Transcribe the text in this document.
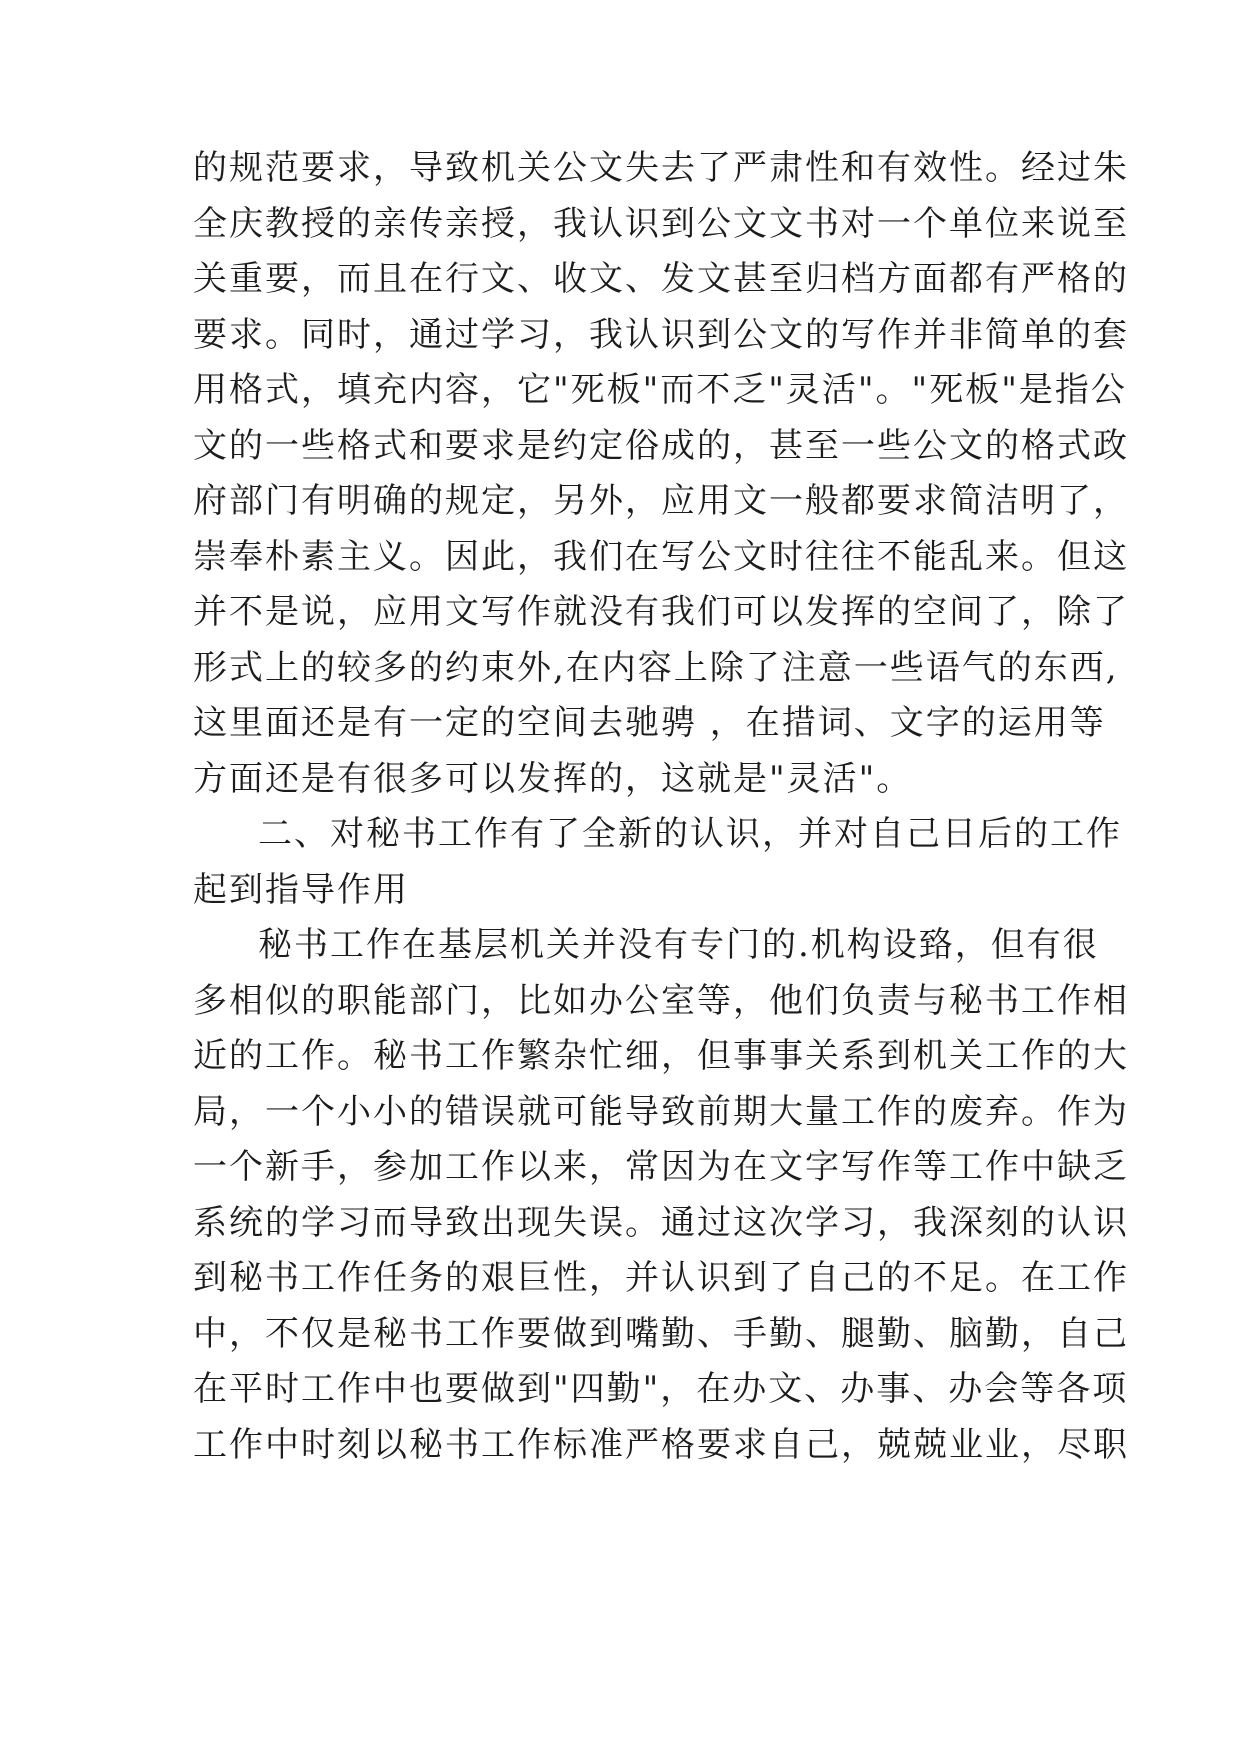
的规范要求，导致机关公文失去了严肃性和有效性。经过朱

全庆教授的亲传亲授，我认识到公文文书对一个单位来说至

关重要，而且在行文、收文、发文甚至归档方面都有严格的

要求。同时，通过学习，我认识到公文的写作并非简单的套

用格式，填充内容，它"死板"而不乏"灵活"。"死板"是指公

文的一些格式和要求是约定俗成的，甚至一些公文的格式政

府部门有明确的规定，另外，应用文一般都要求简洁明了，

崇奉朴素主义。因此，我们在写公文时往往不能乱来。但这

并不是说，应用文写作就没有我们可以发挥的空间了，除了

形式上的较多的约束外,在内容上除了注意一些语气的东西,

这里面还是有一定的空间去驰骋 ，在措词、文字的运用等

方面还是有很多可以发挥的，这就是"灵活"。

二、对秘书工作有了全新的认识，并对自己日后的工作

起到指导作用

秘书工作在基层机关并没有专门的.机构设臵，但有很

多相似的职能部门，比如办公室等，他们负责与秘书工作相

近的工作。秘书工作繁杂忙细，但事事关系到机关工作的大

局，一个小小的错误就可能导致前期大量工作的废弃。作为

一个新手，参加工作以来，常因为在文字写作等工作中缺乏

系统的学习而导致出现失误。通过这次学习，我深刻的认识

到秘书工作任务的艰巨性，并认识到了自己的不足。在工作

中，不仅是秘书工作要做到嘴勤、手勤、腿勤、脑勤，自己

在平时工作中也要做到"四勤"，在办文、办事、办会等各项

工作中时刻以秘书工作标准严格要求自己，兢兢业业，尽职
